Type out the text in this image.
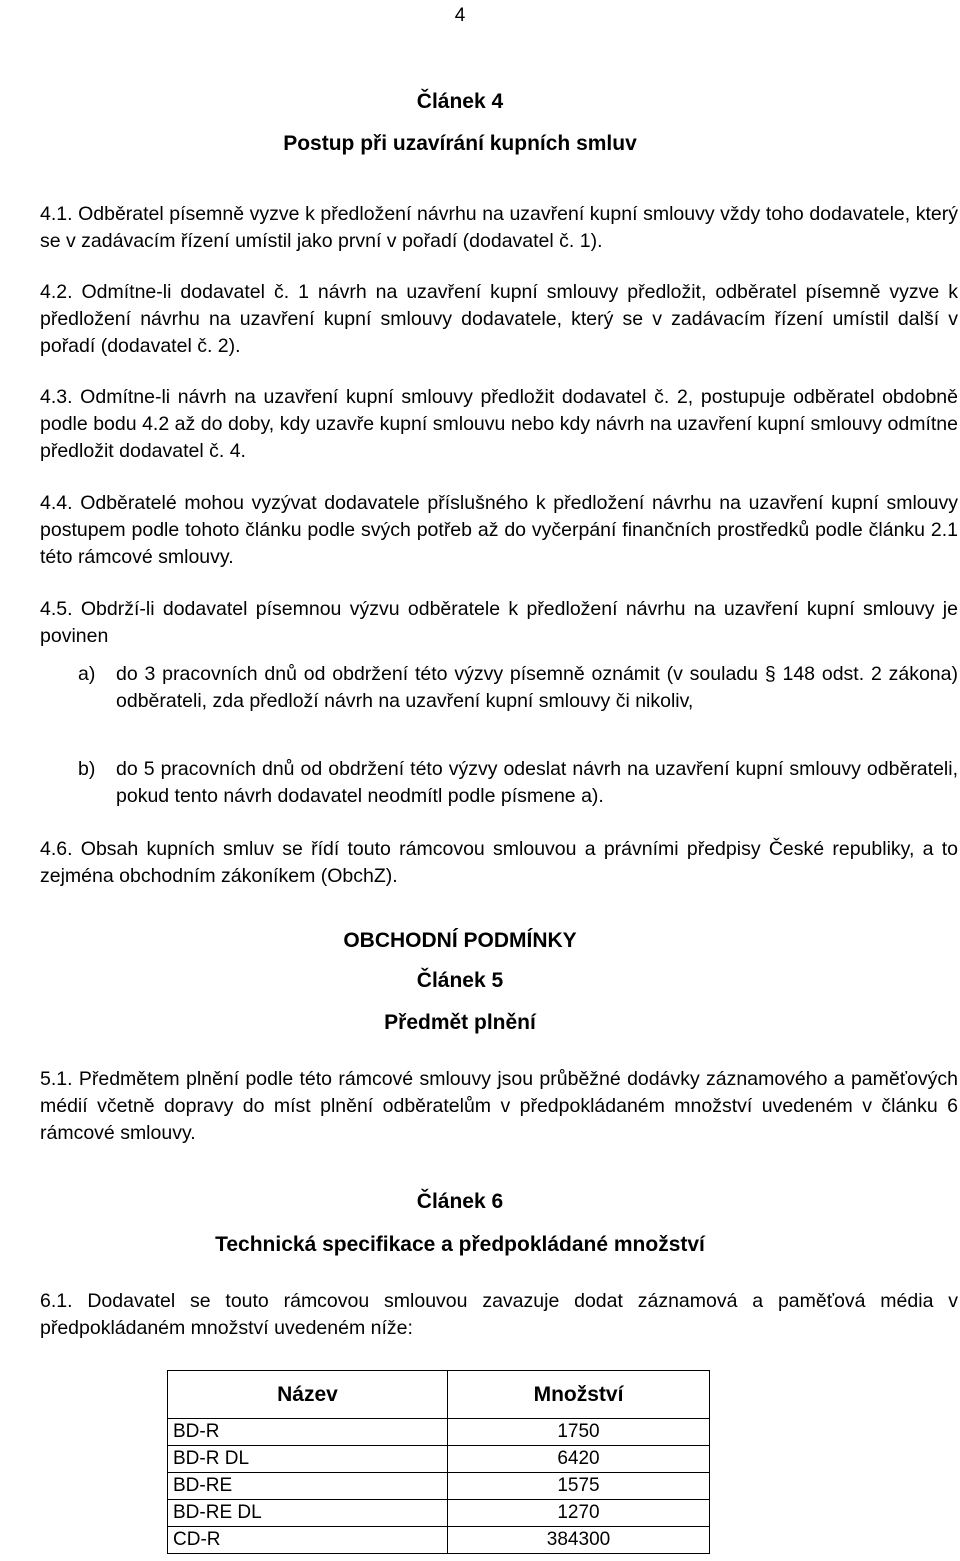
4
Článek 4
Postup při uzavírání kupních smluv
4.1. Odběratel písemně vyzve k předložení návrhu na uzavření kupní smlouvy vždy toho dodavatele, který se v zadávacím řízení umístil jako první v pořadí (dodavatel č. 1).
4.2. Odmítne-li dodavatel č. 1 návrh na uzavření kupní smlouvy předložit, odběratel písemně vyzve k předložení návrhu na uzavření kupní smlouvy dodavatele, který se v zadávacím řízení umístil další v pořadí (dodavatel č. 2).
4.3. Odmítne-li návrh na uzavření kupní smlouvy předložit dodavatel č. 2, postupuje odběratel obdobně podle bodu 4.2 až do doby, kdy uzavře kupní smlouvu nebo kdy návrh na uzavření kupní smlouvy odmítne předložit dodavatel č. 4.
4.4. Odběratelé mohou vyzývat dodavatele příslušného k předložení návrhu na uzavření kupní smlouvy postupem podle tohoto článku podle svých potřeb až do vyčerpání finančních prostředků podle článku 2.1 této rámcové smlouvy.
4.5. Obdrží-li dodavatel písemnou výzvu odběratele k předložení návrhu na uzavření kupní smlouvy je povinen
a) do 3 pracovních dnů od obdržení této výzvy písemně oznámit (v souladu § 148 odst. 2 zákona) odběrateli, zda předloží návrh na uzavření kupní smlouvy či nikoliv,
b) do 5 pracovních dnů od obdržení této výzvy odeslat návrh na uzavření kupní smlouvy odběrateli, pokud tento návrh dodavatel neodmítl podle písmene a).
4.6. Obsah kupních smluv se řídí touto rámcovou smlouvou a právními předpisy České republiky, a to zejména obchodním zákoníkem (ObchZ).
OBCHODNÍ PODMÍNKY
Článek 5
Předmět plnění
5.1. Předmětem plnění podle této rámcové smlouvy jsou průběžné dodávky záznamového a paměťových médií včetně dopravy do míst plnění odběratelům v předpokládaném množství uvedeném v článku 6 rámcové smlouvy.
Článek 6
Technická specifikace a předpokládané množství
6.1. Dodavatel se touto rámcovou smlouvou zavazuje dodat záznamová a paměťová média v předpokládaném množství uvedeném níže:
Název	Množství
BD-R	1750
BD-R DL	6420
BD-RE	1575
BD-RE DL	1270
CD-R	384300
